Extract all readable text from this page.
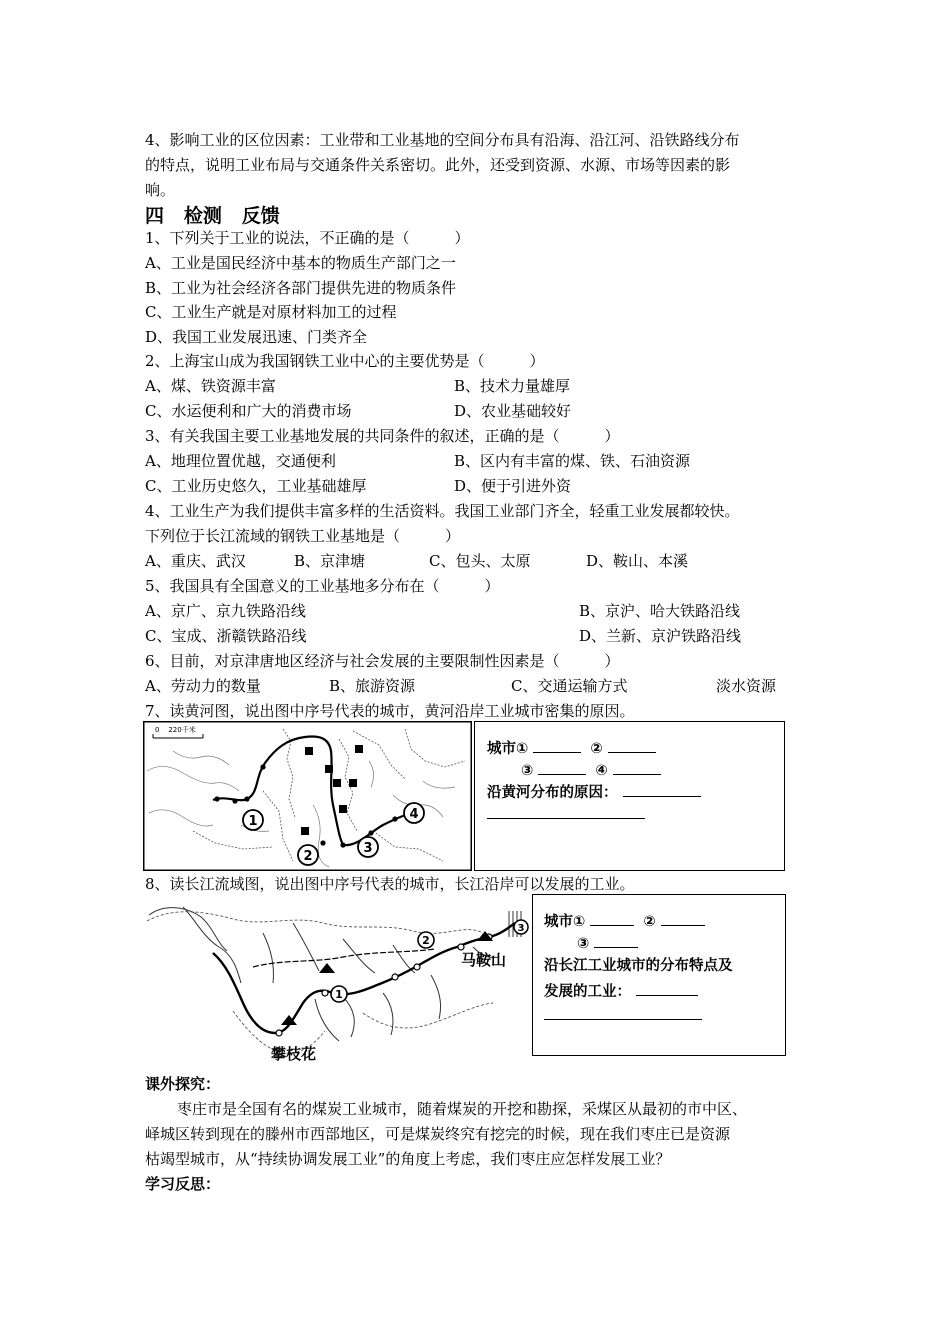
4、影响工业的区位因素：工业带和工业基地的空间分布具有沿海、沿江河、沿铁路线分布
的特点，说明工业布局与交通条件关系密切。此外，还受到资源、水源、市场等因素的影
响。
四   检测   反馈
1、下列关于工业的说法，不正确的是（　　　）
A、工业是国民经济中基本的物质生产部门之一
B、工业为社会经济各部门提供先进的物质条件
C、工业生产就是对原材料加工的过程
D、我国工业发展迅速、门类齐全
2、上海宝山成为我国钢铁工业中心的主要优势是（　　　）
A、煤、铁资源丰富	B、技术力量雄厚
C、水运便利和广大的消费市场	D、农业基础较好
3、有关我国主要工业基地发展的共同条件的叙述，正确的是（　　　）
A、地理位置优越，交通便利	B、区内有丰富的煤、铁、石油资源
C、工业历史悠久，工业基础雄厚	D、便于引进外资
4、工业生产为我们提供丰富多样的生活资料。我国工业部门齐全，轻重工业发展都较快。
下列位于长江流域的钢铁工业基地是（　　　）
A、重庆、武汉	B、京津塘	C、包头、太原	D、鞍山、本溪
5、我国具有全国意义的工业基地多分布在（　　　）
A、京广、京九铁路沿线	B、京沪、哈大铁路沿线
C、宝成、浙赣铁路沿线	D、兰新、京沪铁路沿线
6、目前，对京津唐地区经济与社会发展的主要限制性因素是（　　　）
A、劳动力的数量	B、旅游资源	C、交通运输方式	淡水资源
7、读黄河图，说出图中序号代表的城市，黄河沿岸工业城市密集的原因。
0    220千米
1
2
3
4
城市①	②
③	④
沿黄河分布的原因：
8、读长江流域图，说出图中序号代表的城市，长江沿岸可以发展的工业。
1
2
3
马鞍山
攀枝花
城市①	②
③
沿长江工业城市的分布特点及
发展的工业：
课外探究：
枣庄市是全国有名的煤炭工业城市，随着煤炭的开挖和勘探，采煤区从最初的市中区、
峄城区转到现在的滕州市西部地区，可是煤炭终究有挖完的时候，现在我们枣庄已是资源
枯竭型城市，从“持续协调发展工业”的角度上考虑，我们枣庄应怎样发展工业？
学习反思：
